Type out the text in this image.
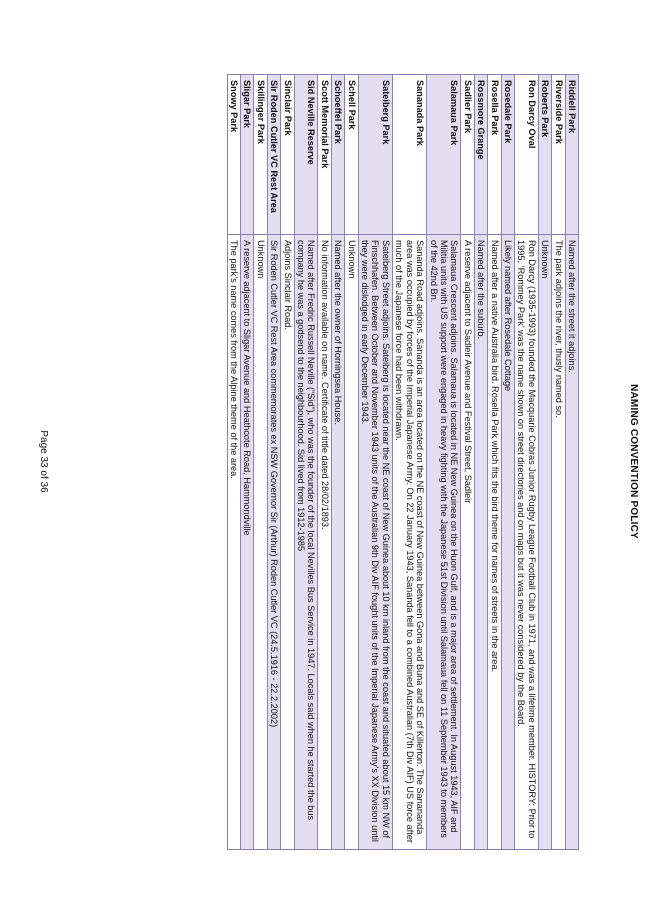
NAMING CONVENTION POLICY
Riddell Park	Named after the street it adjoins.
Riverside Park	The park adjoins the river, thusly named so.
Roberts Park	Unknown
Ron Darcy Oval	Ron Darcy (1935-1993) founded the Macquarie Cobras Junior Rugby League Football Club in 1971, and was a lifetime member. HISTORY: Prior to 1995, ‘Rommey Park’ was the name shown on street directories and on maps but it was never considered by the Board.
Rosedale Park	Likely named after Rosedale Cottage
Rosella Park	Named after a native Australia bird. Rosella Park which fits the bird theme for names of streets in the area.
Rossmore Grange	Named after the suburb.
Sadlier Park	A reserve adjacent to Sadleir Avenue and Festival Street, Sadleir
Salamaua Park	Salamaua Crescent adjoins. Salamaua is located in NE New Guinea on the Huon Gulf, and is a major area of settlement. In August 1943, AIF and Militia units with US support were engaged in heavy fighting with the Japanese 51st Division until Salamaua fell on 11 September 1943 to members of the 42nd Bn.
Sananada Park	Sananda Road adjoins. Sananda is an area located on the NE coast of New Guinea between Gona and Buna and SE of Killerton. The Sanananda area was occupied by forces of the Imperial Japanese Army. On 22 January 1943, Sananda fell to a combined Australian (7th Div AIF) US force after much of the Japanese force had been withdrawn.
Sateiberg Park	Sateiberg Street adjoins. Sateiberg is located near the NE coast of New Guinea about 10 km inland from the coast and situated about 15 km NW of Finschhafen. Between October and November 1943 units of the Australian 9th Div AIF fought units of the Imperial Japanese Army’s XX Division until they were dislodged in early December 1943.
Schell Park	Unknown
Schoeffel Park	Named after the owner of Horningsea House.
Scott Memorial Park	No information available on name. Certificate of tittle dated 28/02/1893.
Sid Neville Reserve	Named after Fredric Russell Neville (“Sid”), who was the founder of the local Nevilles Bus Service in 1947. Locals said when he started the bus company he was a godsend to the neighbourhood. Sid lived from 1912-1985
Sinclair Park	Adjoins Sinclair Road.
Sir Roden Cutler VC Rest Area	Sir Roden Cutler VC Rest Area commemorates ex NSW Governor Sir (Arthur) Roden Cutler VC (24.5.1916 - 22.2.2002)
Skillinger Park	Unknown
Sligar Park	A reserve adjacent to Sligar Avenue and Heathcote Road, Hammondville
Snowy Park	The park’s name comes from the Alpine theme of the area.
Page 33 of 36
